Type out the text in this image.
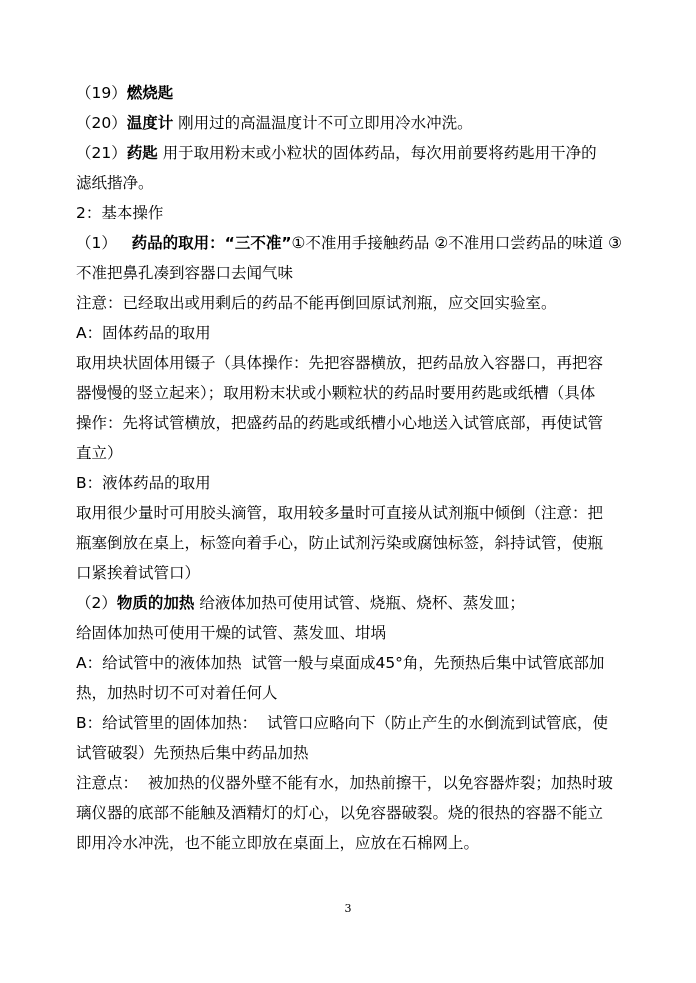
（19）燃烧匙
（20）温度计 刚用过的高温温度计不可立即用冷水冲洗。
（21）药匙 用于取用粉末或小粒状的固体药品，每次用前要将药匙用干净的
滤纸揩净。
2：基本操作
（1）   药品的取用：“三不准”①不准用手接触药品 ②不准用口尝药品的味道 ③
不准把鼻孔凑到容器口去闻气味
注意：已经取出或用剩后的药品不能再倒回原试剂瓶，应交回实验室。
A：固体药品的取用
取用块状固体用镊子（具体操作：先把容器横放，把药品放入容器口，再把容
器慢慢的竖立起来）；取用粉末状或小颗粒状的药品时要用药匙或纸槽（具体
操作：先将试管横放，把盛药品的药匙或纸槽小心地送入试管底部，再使试管
直立）
B：液体药品的取用
取用很少量时可用胶头滴管，取用较多量时可直接从试剂瓶中倾倒（注意：把
瓶塞倒放在桌上，标签向着手心，防止试剂污染或腐蚀标签，斜持试管，使瓶
口紧挨着试管口）
（2）物质的加热 给液体加热可使用试管、烧瓶、烧杯、蒸发皿；
给固体加热可使用干燥的试管、蒸发皿、坩埚
A：给试管中的液体加热  试管一般与桌面成45°角，先预热后集中试管底部加
热，加热时切不可对着任何人
B：给试管里的固体加热：  试管口应略向下（防止产生的水倒流到试管底，使
试管破裂）先预热后集中药品加热
注意点：  被加热的仪器外壁不能有水，加热前擦干，以免容器炸裂；加热时玻
璃仪器的底部不能触及酒精灯的灯心，以免容器破裂。烧的很热的容器不能立
即用冷水冲洗，也不能立即放在桌面上，应放在石棉网上。
3
